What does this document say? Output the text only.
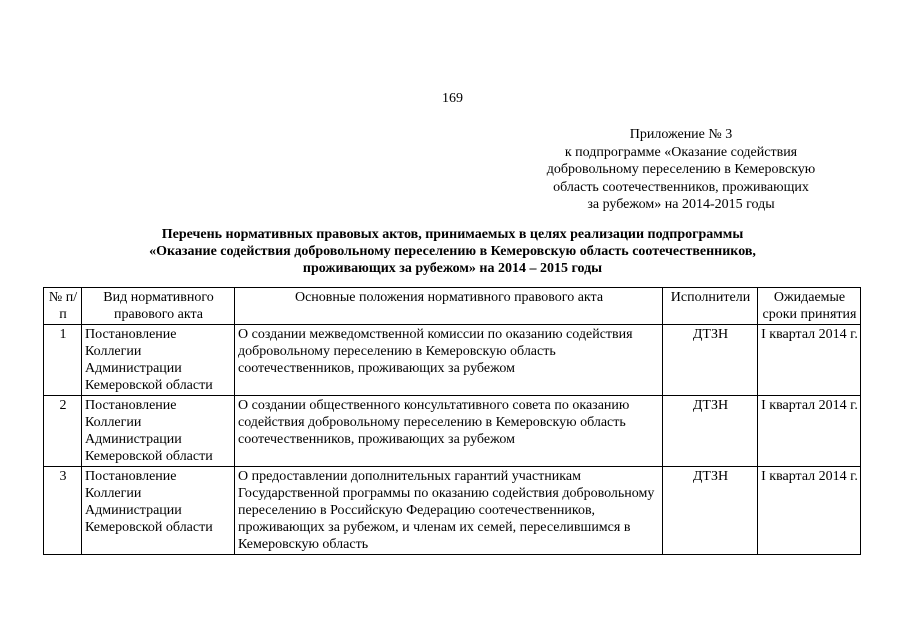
169
Приложение № 3
к подпрограмме «Оказание содействия
добровольному переселению в Кемеровскую
область соотечественников, проживающих
за рубежом» на 2014-2015 годы
Перечень нормативных правовых актов, принимаемых в целях реализации подпрограммы
«Оказание содействия добровольному переселению в Кемеровскую область соотечественников,
проживающих за рубежом» на 2014 – 2015 годы
№ п/п	Вид нормативного правового акта	Основные положения нормативного правового акта	Исполнители	Ожидаемые сроки принятия
1	Постановление Коллегии Администрации Кемеровской области	О создании межведомственной комиссии по оказанию содействия добровольному переселению в Кемеровскую область соотечественников, проживающих за рубежом	ДТЗН	I квартал 2014 г.
2	Постановление Коллегии Администрации Кемеровской области	О создании общественного консультативного совета по оказанию содействия добровольному переселению в Кемеровскую область соотечественников, проживающих за рубежом	ДТЗН	I квартал 2014 г.
3	Постановление Коллегии Администрации Кемеровской области	О предоставлении дополнительных гарантий участникам Государственной программы по оказанию содействия добровольному переселению в Российскую Федерацию соотечественников, проживающих за рубежом, и членам их семей, переселившимся в Кемеровскую область	ДТЗН	I квартал 2014 г.
